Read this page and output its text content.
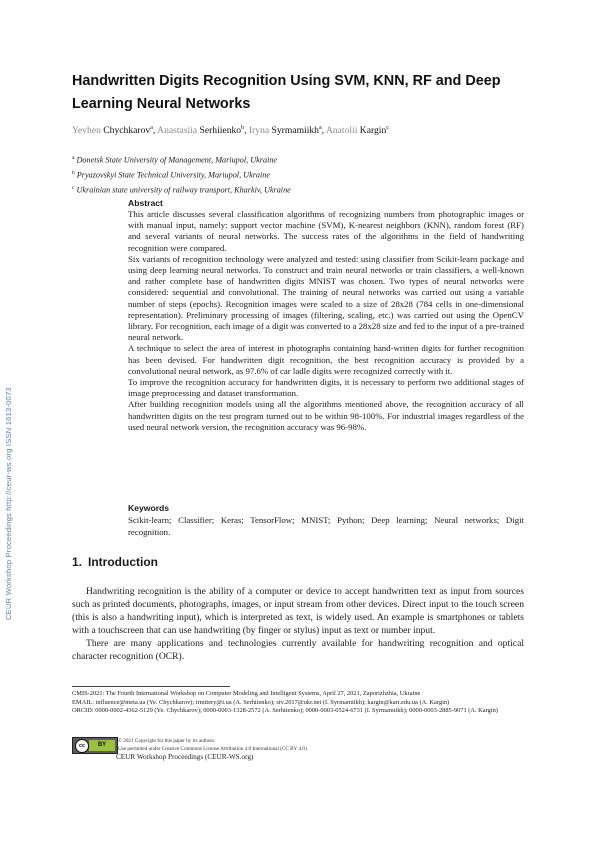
CEUR Workshop Proceedings http://ceur-ws.org ISSN 1613-0073
Handwritten Digits Recognition Using SVM, KNN, RF and Deep Learning Neural Networks
Yevhen Chychkarov$^a$, Anastasiia Serhiienko$^b$, Iryna Syrmamiikh$^a$, Anatolii Kargin$^c$
$^a$ Donetsk State University of Management, Mariupol, Ukraine
$^b$ Pryazovskyi State Technical University, Mariupol, Ukraine
$^c$ Ukrainian state university of railway transport, Kharkiv, Ukraine
Abstract

This article discusses several classification algorithms of recognizing numbers from photographic images or with manual input, namely: support vector machine (SVM), K-nearest neighbors (KNN), random forest (RF) and several variants of neural networks. The success rates of the algorithms in the field of handwriting recognition were compared.

Six variants of recognition technology were analyzed and tested: using classifier from Scikit-learn package and using deep learning neural networks. To construct and train neural networks or train classifiers, a well-known and rather complete base of handwritten digits MNIST was chosen. Two types of neural networks were considered: sequential and convolutional. The training of neural networks was carried out using a variable number of steps (epochs). Recognition images were scaled to a size of 28x28 (784 cells in one-dimensional representation). Preliminary processing of images (filtering, scaling, etc.) was carried out using the OpenCV library. For recognition, each image of a digit was converted to a 28x28 size and fed to the input of a pre-trained neural network.

A technique to select the area of interest in photographs containing hand-written digits for further recognition has been devised. For handwritten digit recognition, the best recognition accuracy is provided by a convolutional neural network, as 97.6% of car ladle digits were recognized correctly with it.

To improve the recognition accuracy for handwritten digits, it is necessary to perform two additional stages of image preprocessing and dataset transformation.

After building recognition models using all the algorithms mentioned above, the recognition accuracy of all handwritten digits on the test program turned out to be within 98-100%. For industrial images regardless of the used neural network version, the recognition accuracy was 96-98%.

Keywords

Scikit-learn; Classifier; Keras; TensorFlow; MNIST; Python; Deep learning; Neural networks; Digit recognition.

1. Introduction

Handwriting recognition is the ability of a computer or device to accept handwritten text as input from sources such as printed documents, photographs, images, or input stream from other devices. Direct input to the touch screen (this is also a handwriting input), which is interpreted as text, is widely used. An example is smartphones or tablets with a touchscreen that can use handwriting (by finger or stylus) input as text or number input.

There are many applications and technologies currently available for handwriting recognition and optical character recognition (OCR).

CMIS-2021: The Fourth International Workshop on Computer Modeling and Intelligent Systems, April 27, 2021, Zaporizhzhia, Ukraine

EMAIL: influence@meta.ua (Ye. Chychkarov); irmitery@i.ua (A. Serhiienko); siv.2017@ukr.net (I. Syrmamiikh); kargin@kart.edu.ua (A. Kargin)

ORCID: 0000-0002-4362-5129 (Ye. Chychkarov); 0000-0003-1328-2572 (A. Serhiienko); 0000-0003-0524-6731 (I. Syrmamiikh); 0000-0003-2885-9071 (A. Kargin)

cc	BY
© 2021 Copyright for this paper by its authors.
Use permitted under Creative Commons License Attribution 4.0 International (CC BY 4.0).
CEUR Workshop Proceedings (CEUR-WS.org)
